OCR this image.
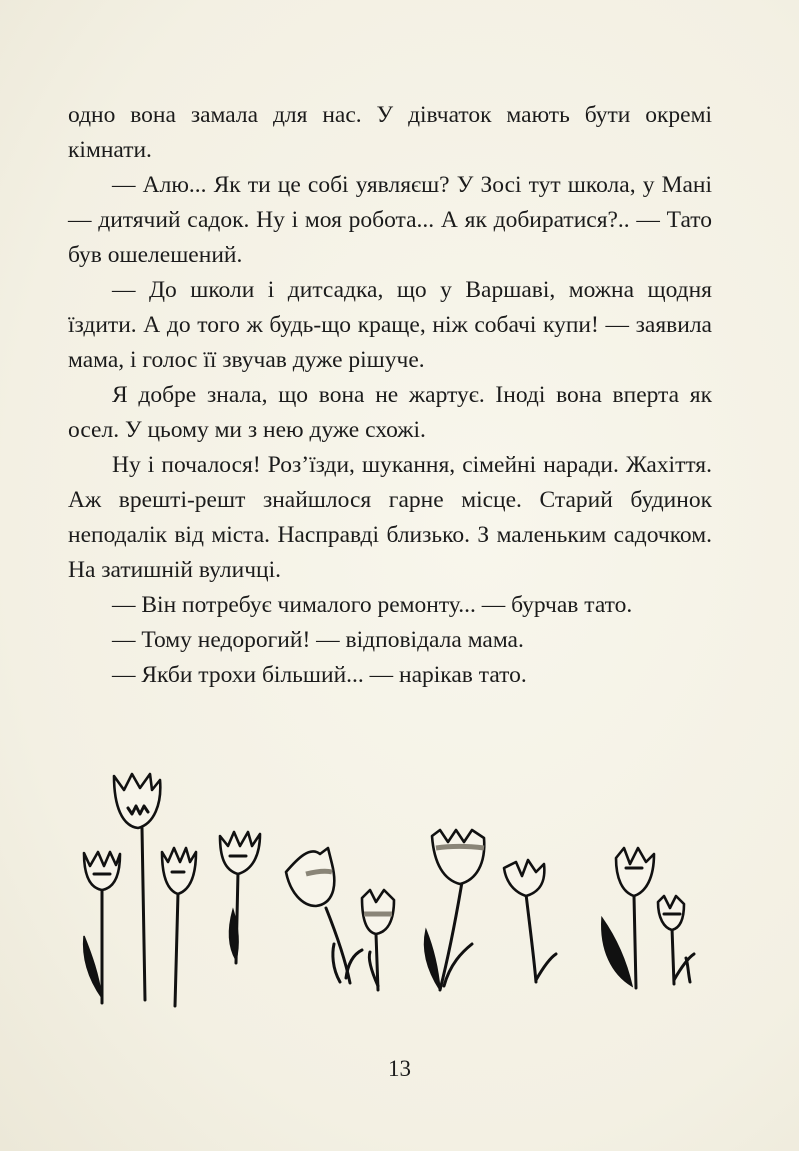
одно вона замала для нас. У дівчаток мають бути окремі кімнати.

— Алю... Як ти це собі уявляєш? У Зосі тут школа, у Мані — дитячий садок. Ну і моя робота... А як добиратися?.. — Тато був ошелешений.

— До школи і дитсадка, що у Варшаві, можна щодня їздити. А до того ж будь-що краще, ніж собачі купи! — заявила мама, і голос її звучав дуже рішуче.

Я добре знала, що вона не жартує. Іноді вона вперта як осел. У цьому ми з нею дуже схожі.

Ну і почалося! Роз’їзди, шукання, сімейні наради. Жахіття. Аж врешті-решт знайшлося гарне місце. Старий будинок неподалік від міста. Насправді близько. З маленьким садочком. На затишній вуличці.

— Він потребує чималого ремонту... — бурчав тато.

— Тому недорогий! — відповідала мама.

— Якби трохи більший... — нарікав тато.

13
